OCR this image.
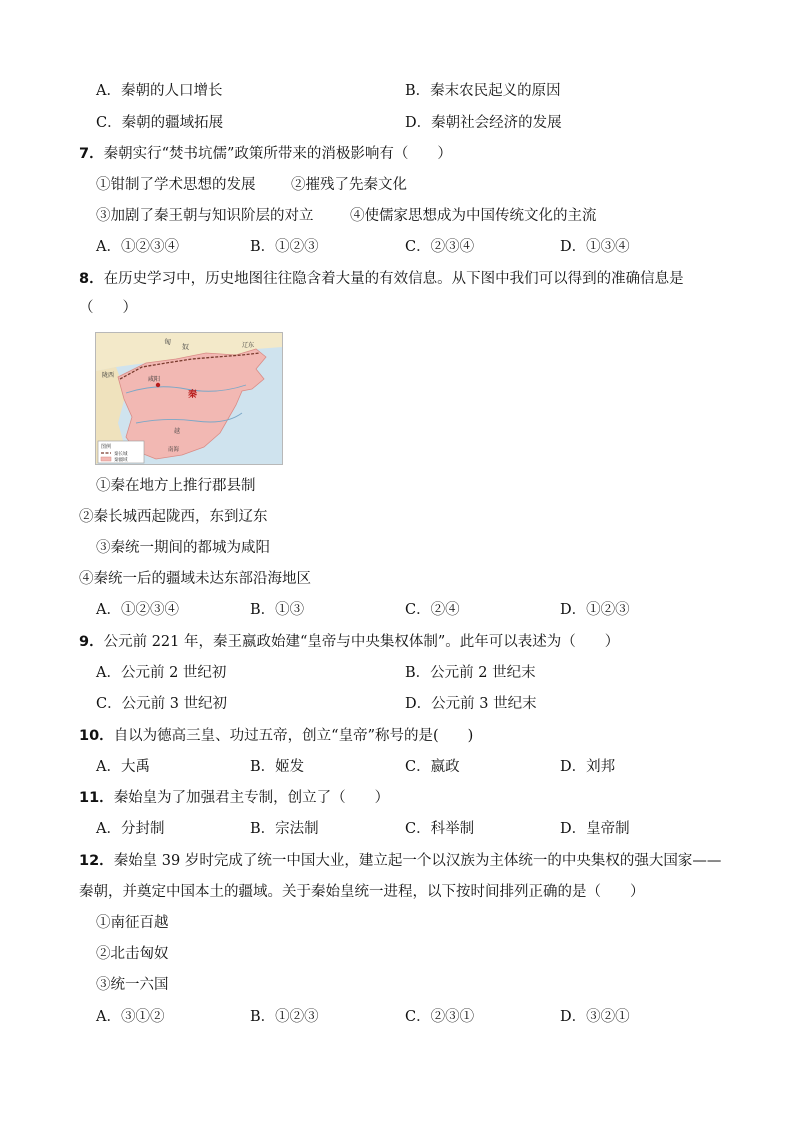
A．秦朝的人口增长	B．秦末农民起义的原因
C．秦朝的疆域拓展	D．秦朝社会经济的发展
7．秦朝实行“焚书坑儒”政策所带来的消极影响有（　　）
①钳制了学术思想的发展 ②摧残了先秦文化
③加剧了秦王朝与知识阶层的对立	④使儒家思想成为中国传统文化的主流
A．①②③④	B．①②③	C．②③④	D．①③④
8．在历史学习中，历史地图往往隐含着大量的有效信息。从下图中我们可以得到的准确信息是
（　　）
图例
秦长城
秦疆域
匈
奴	辽东
陇西
咸阳
秦
越
南海
①秦在地方上推行郡县制
②秦长城西起陇西，东到辽东
③秦统一期间的都城为咸阳
④秦统一后的疆域未达东部沿海地区
A．①②③④	B．①③	C．②④	D．①②③
9．公元前 221 年，秦王嬴政始建“皇帝与中央集权体制”。此年可以表述为（　　）
A．公元前 2 世纪初	B．公元前 2 世纪末
C．公元前 3 世纪初	D．公元前 3 世纪末
10．自以为德高三皇、功过五帝，创立“皇帝”称号的是(　　)
A．大禹	B．姬发	C．嬴政	D．刘邦
11．秦始皇为了加强君主专制，创立了（　　）
A．分封制	B．宗法制	C．科举制	D．皇帝制
12．秦始皇 39 岁时完成了统一中国大业，建立起一个以汉族为主体统一的中央集权的强大国家——
秦朝，并奠定中国本土的疆域。关于秦始皇统一进程，以下按时间排列正确的是（　　）
①南征百越
②北击匈奴
③统一六国
A．③①②	B．①②③	C．②③①	D．③②①
